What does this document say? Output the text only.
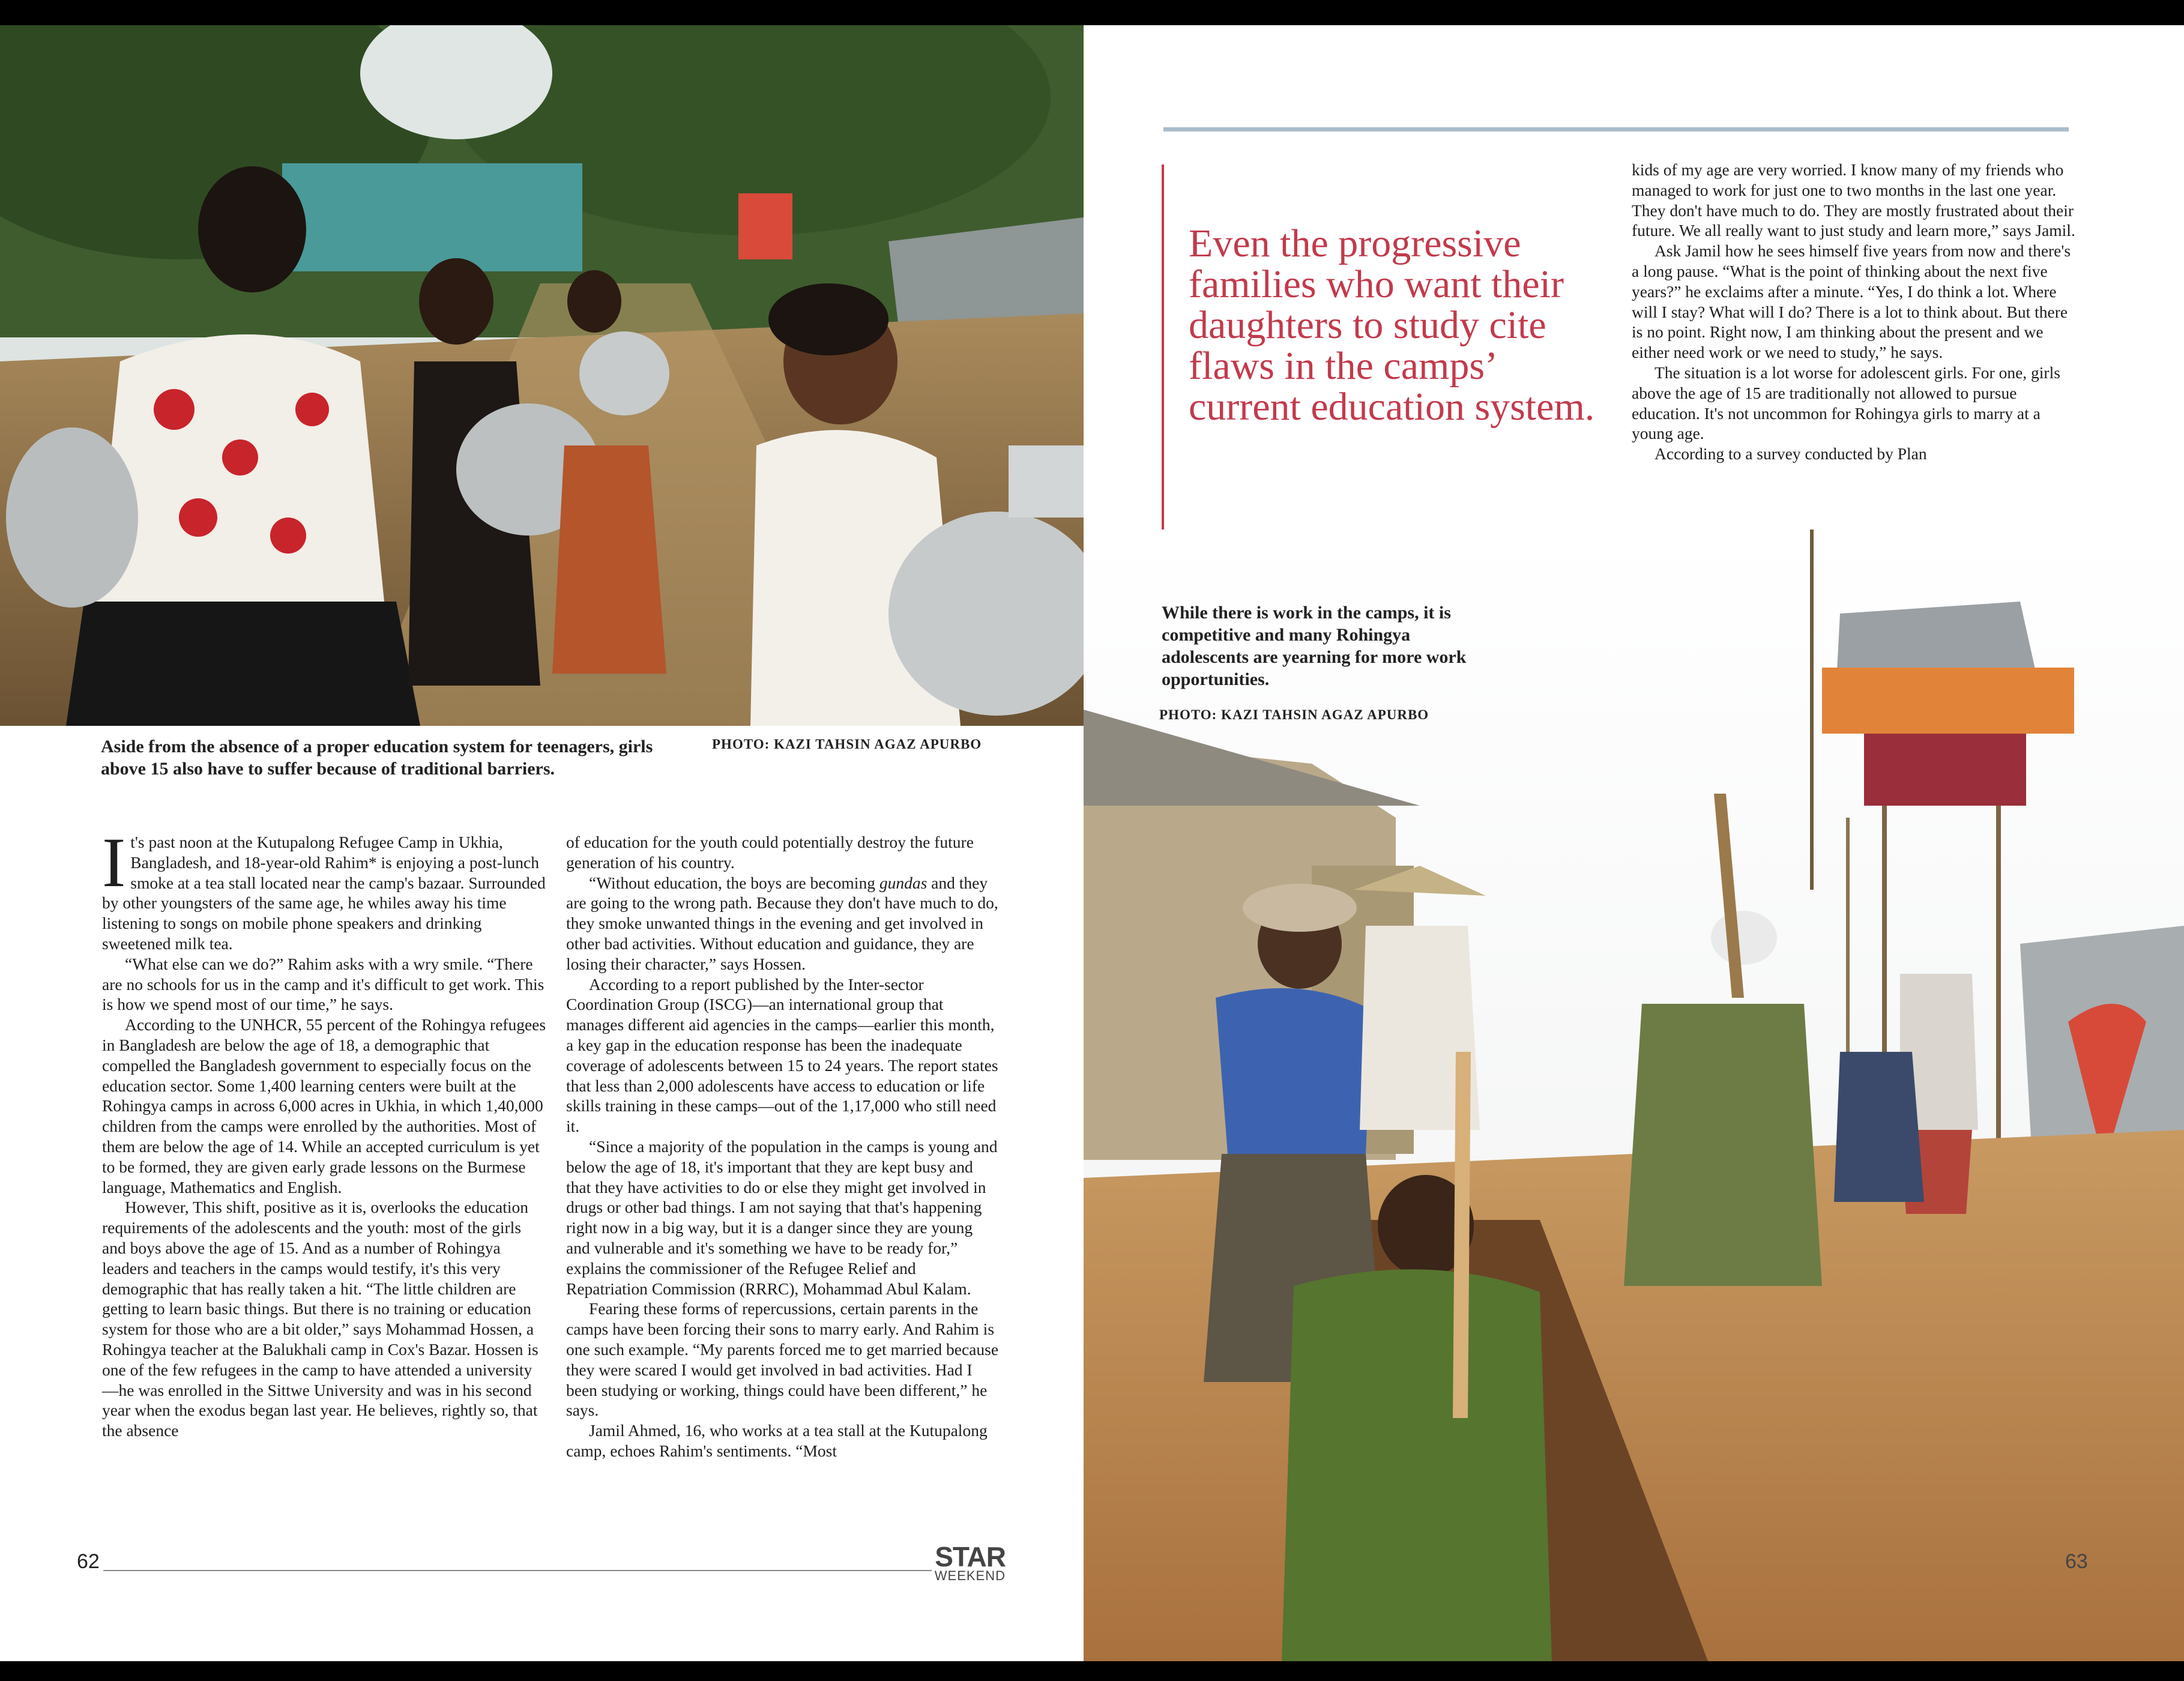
Aside from the absence of a proper education system for teenagers, girls above 15 also have to suffer because of traditional barriers.
PHOTO: KAZI TAHSIN AGAZ APURBO

It's past noon at the Kutupalong Refugee Camp in Ukhia, Bangladesh, and 18-year-old Rahim* is enjoying a post-lunch smoke at a tea stall located near the camp's bazaar. Surrounded by other youngsters of the same age, he whiles away his time listening to songs on mobile phone speakers and drinking sweetened milk tea.

“What else can we do?” Rahim asks with a wry smile. “There are no schools for us in the camp and it's difficult to get work. This is how we spend most of our time,” he says.

According to the UNHCR, 55 percent of the Rohingya refugees in Bangladesh are below the age of 18, a demographic that compelled the Bangladesh government to especially focus on the education sector. Some 1,400 learning centers were built at the Rohingya camps in across 6,000 acres in Ukhia, in which 1,40,000 children from the camps were enrolled by the authorities. Most of them are below the age of 14. While an accepted curriculum is yet to be formed, they are given early grade lessons on the Burmese language, Mathematics and English.

However, This shift, positive as it is, overlooks the education requirements of the adolescents and the youth: most of the girls and boys above the age of 15. And as a number of Rohingya leaders and teachers in the camps would testify, it's this very demographic that has really taken a hit. “The little children are getting to learn basic things. But there is no training or education system for those who are a bit older,” says Mohammad Hossen, a Rohingya teacher at the Balukhali camp in Cox's Bazar. Hossen is one of the few refugees in the camp to have attended a university—he was enrolled in the Sittwe University and was in his second year when the exodus began last year. He believes, rightly so, that the absence

of education for the youth could potentially destroy the future generation of his country.

“Without education, the boys are becoming gundas and they are going to the wrong path. Because they don't have much to do, they smoke unwanted things in the evening and get involved in other bad activities. Without education and guidance, they are losing their character,” says Hossen.

According to a report published by the Inter-sector Coordination Group (ISCG)—an international group that manages different aid agencies in the camps—earlier this month, a key gap in the education response has been the inadequate coverage of adolescents between 15 to 24 years. The report states that less than 2,000 adolescents have access to education or life skills training in these camps—out of the 1,17,000 who still need it.

“Since a majority of the population in the camps is young and below the age of 18, it's important that they are kept busy and that they have activities to do or else they might get involved in drugs or other bad things. I am not saying that that's happening right now in a big way, but it is a danger since they are young and vulnerable and it's something we have to be ready for,” explains the commissioner of the Refugee Relief and Repatriation Commission (RRRC), Mohammad Abul Kalam.

Fearing these forms of repercussions, certain parents in the camps have been forcing their sons to marry early. And Rahim is one such example. “My parents forced me to get married because they were scared I would get involved in bad activities. Had I been studying or working, things could have been different,” he says.

Jamil Ahmed, 16, who works at a tea stall at the Kutupalong camp, echoes Rahim's sentiments. “Most

62	STAR
WEEKEND
Even the progressive families who want their daughters to study cite flaws in the camps’ current education system.

kids of my age are very worried. I know many of my friends who managed to work for just one to two months in the last one year. They don't have much to do. They are mostly frustrated about their future. We all really want to just study and learn more,” says Jamil.

Ask Jamil how he sees himself five years from now and there's a long pause. “What is the point of thinking about the next five years?” he exclaims after a minute. “Yes, I do think a lot. Where will I stay? What will I do? There is a lot to think about. But there is no point. Right now, I am thinking about the present and we either need work or we need to study,” he says.

The situation is a lot worse for adolescent girls. For one, girls above the age of 15 are traditionally not allowed to pursue education. It's not uncommon for Rohingya girls to marry at a young age.

According to a survey conducted by Plan

While there is work in the camps, it is competitive and many Rohingya adolescents are yearning for more work opportunities.
PHOTO: KAZI TAHSIN AGAZ APURBO
63
